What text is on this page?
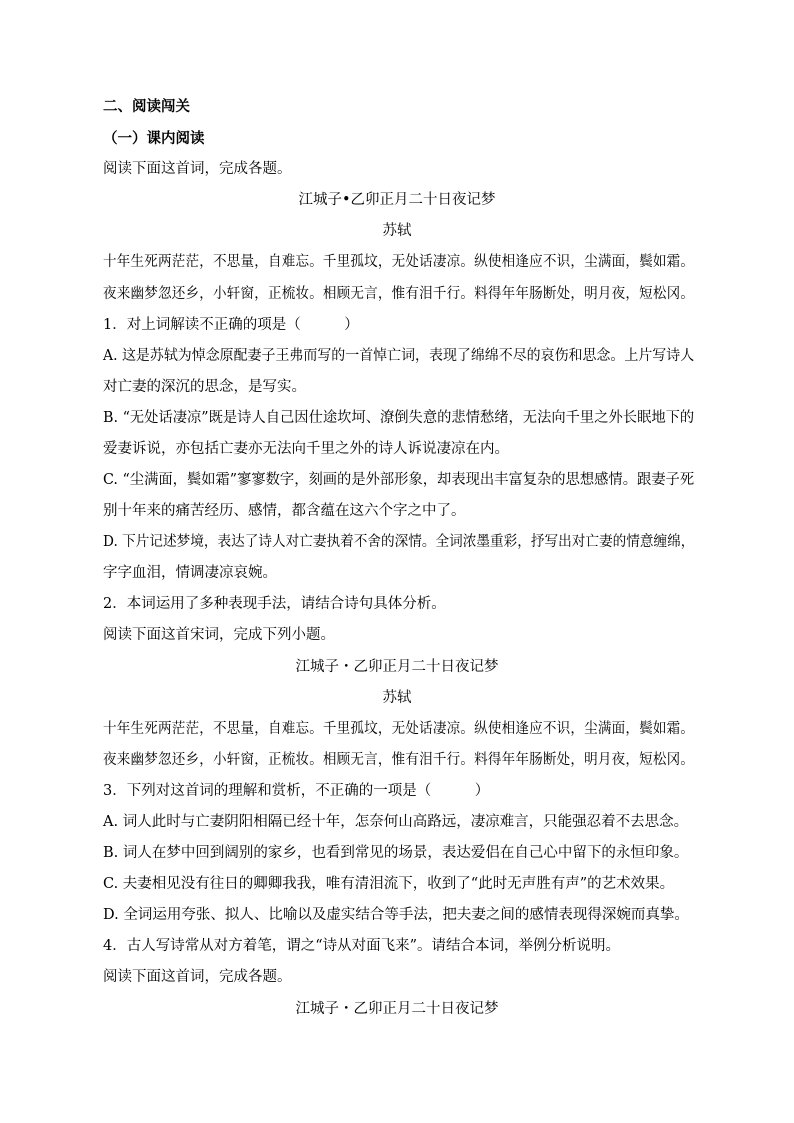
二、阅读闯关
（一）课内阅读
阅读下面这首词，完成各题。
江城子•乙卯正月二十日夜记梦
苏轼
十年生死两茫茫，不思量，自难忘。千里孤坟，无处话凄凉。纵使相逢应不识，尘满面，鬓如霜。
夜来幽梦忽还乡，小轩窗，正梳妆。相顾无言，惟有泪千行。料得年年肠断处，明月夜，短松冈。
1．对上词解读不正确的项是（　　　）
A. 这是苏轼为悼念原配妻子王弗而写的一首悼亡词，表现了绵绵不尽的哀伤和思念。上片写诗人
对亡妻的深沉的思念，是写实。
B. “无处话凄凉”既是诗人自己因仕途坎坷、潦倒失意的悲情愁绪，无法向千里之外长眠地下的
爱妻诉说，亦包括亡妻亦无法向千里之外的诗人诉说凄凉在内。
C. “尘满面，鬓如霜”寥寥数字，刻画的是外部形象，却表现出丰富复杂的思想感情。跟妻子死
别十年来的痛苦经历、感情，都含蕴在这六个字之中了。
D. 下片记述梦境，表达了诗人对亡妻执着不舍的深情。全词浓墨重彩，抒写出对亡妻的情意缠绵，
字字血泪，情调凄凉哀婉。
2．本词运用了多种表现手法，请结合诗句具体分析。
阅读下面这首宋词，完成下列小题。
江城子・乙卯正月二十日夜记梦
苏轼
十年生死两茫茫，不思量，自难忘。千里孤坟，无处话凄凉。纵使相逢应不识，尘满面，鬓如霜。
夜来幽梦忽还乡，小轩窗，正梳妆。相顾无言，惟有泪千行。料得年年肠断处，明月夜，短松冈。
3．下列对这首词的理解和赏析，不正确的一项是（　　　）
A. 词人此时与亡妻阴阳相隔已经十年，怎奈何山高路远，凄凉难言，只能强忍着不去思念。
B. 词人在梦中回到阔别的家乡，也看到常见的场景，表达爱侣在自己心中留下的永恒印象。
C. 夫妻相见没有往日的卿卿我我，唯有清泪流下，收到了“此时无声胜有声”的艺术效果。
D. 全词运用夸张、拟人、比喻以及虚实结合等手法，把夫妻之间的感情表现得深婉而真挚。
4．古人写诗常从对方着笔，谓之“诗从对面飞来”。请结合本词，举例分析说明。
阅读下面这首词，完成各题。
江城子・乙卯正月二十日夜记梦
